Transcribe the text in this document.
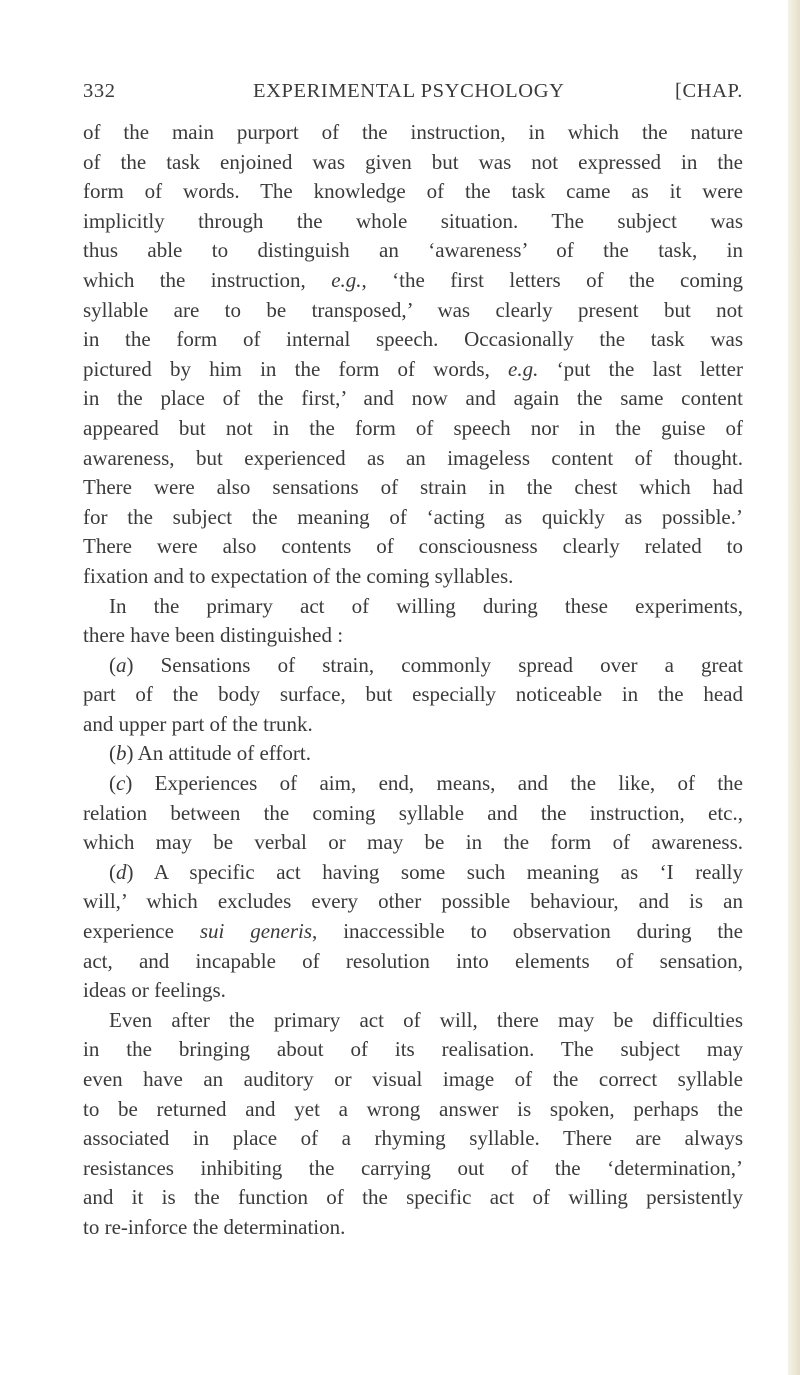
332	EXPERIMENTAL PSYCHOLOGY	[CHAP.
of the main purport of the instruction, in which the nature
of the task enjoined was given but was not expressed in the
form of words. The knowledge of the task came as it were
implicitly through the whole situation. The subject was
thus able to distinguish an ‘awareness’ of the task, in
which the instruction, e.g., ‘the first letters of the coming
syllable are to be transposed,’ was clearly present but not
in the form of internal speech. Occasionally the task was
pictured by him in the form of words, e.g. ‘put the last letter
in the place of the first,’ and now and again the same content
appeared but not in the form of speech nor in the guise of
awareness, but experienced as an imageless content of thought.
There were also sensations of strain in the chest which had
for the subject the meaning of ‘acting as quickly as possible.’
There were also contents of consciousness clearly related to
fixation and to expectation of the coming syllables.
In the primary act of willing during these experiments,
there have been distinguished :
(a) Sensations of strain, commonly spread over a great
part of the body surface, but especially noticeable in the head
and upper part of the trunk.
(b) An attitude of effort.
(c) Experiences of aim, end, means, and the like, of the
relation between the coming syllable and the instruction, etc.,
which may be verbal or may be in the form of awareness.
(d) A specific act having some such meaning as ‘I really
will,’ which excludes every other possible behaviour, and is an
experience sui generis, inaccessible to observation during the
act, and incapable of resolution into elements of sensation,
ideas or feelings.
Even after the primary act of will, there may be difficulties
in the bringing about of its realisation. The subject may
even have an auditory or visual image of the correct syllable
to be returned and yet a wrong answer is spoken, perhaps the
associated in place of a rhyming syllable. There are always
resistances inhibiting the carrying out of the ‘determination,’
and it is the function of the specific act of willing persistently
to re-inforce the determination.
